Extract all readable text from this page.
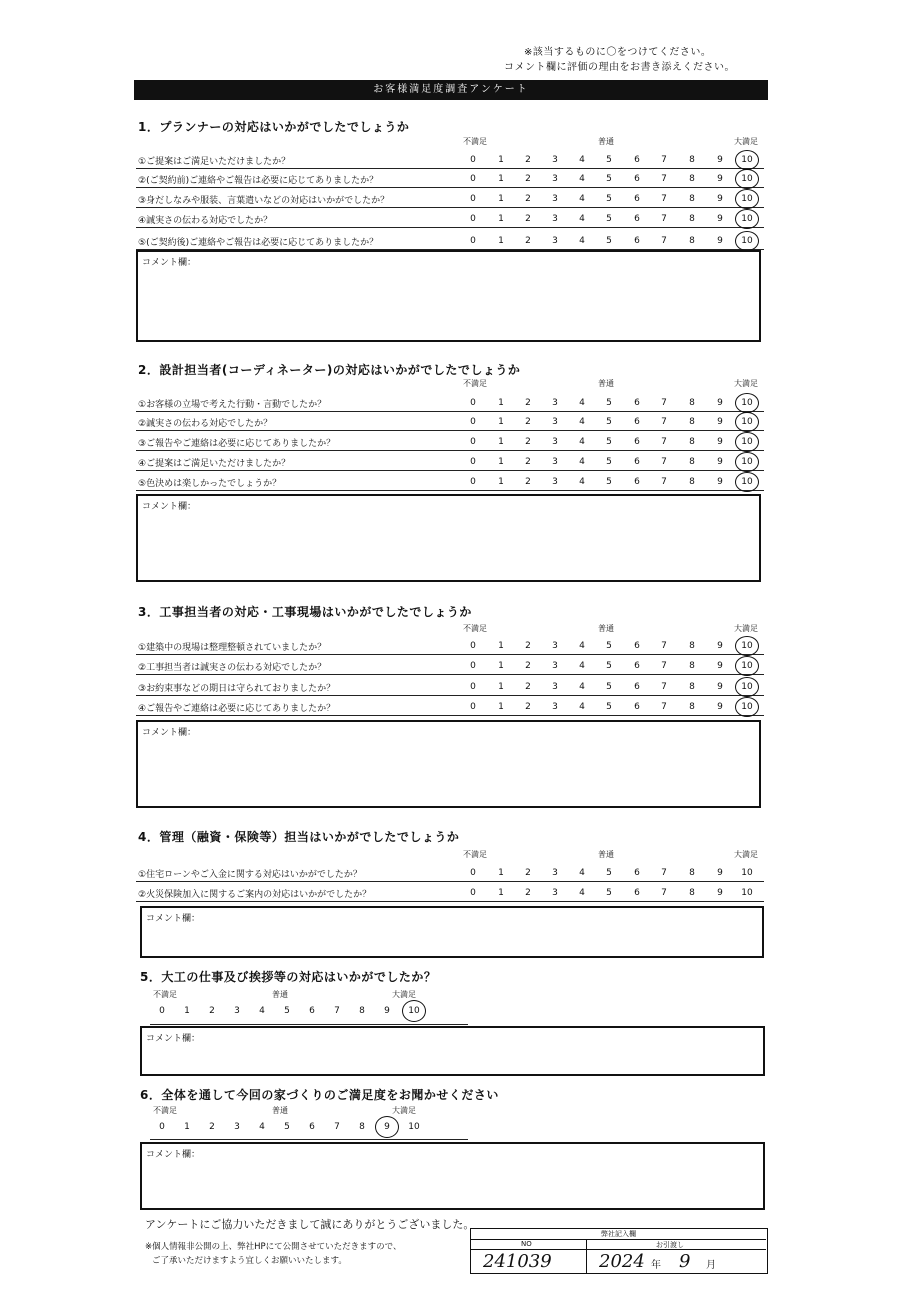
※該当するものに〇をつけてください。
コメント欄に評価の理由をお書き添えください。
お客様満足度調査アンケート
1．プランナーの対応はいかがでしたでしょうか
不満足	普通	大満足
①ご提案はご満足いただけましたか？	0	1	2	3	4	5	6	7	8	9	10
②(ご契約前)ご連絡やご報告は必要に応じてありましたか？	0	1	2	3	4	5	6	7	8	9	10
③身だしなみや服装、言葉遣いなどの対応はいかがでしたか？	0	1	2	3	4	5	6	7	8	9	10
④誠実さの伝わる対応でしたか？	0	1	2	3	4	5	6	7	8	9	10
⑤(ご契約後)ご連絡やご報告は必要に応じてありましたか？	0	1	2	3	4	5	6	7	8	9	10
コメント欄：
2．設計担当者(コーディネーター)の対応はいかがでしたでしょうか
不満足	普通	大満足
①お客様の立場で考えた行動・言動でしたか？	0	1	2	3	4	5	6	7	8	9	10
②誠実さの伝わる対応でしたか？	0	1	2	3	4	5	6	7	8	9	10
③ご報告やご連絡は必要に応じてありましたか？	0	1	2	3	4	5	6	7	8	9	10
④ご提案はご満足いただけましたか？	0	1	2	3	4	5	6	7	8	9	10
⑤色決めは楽しかったでしょうか？	0	1	2	3	4	5	6	7	8	9	10
コメント欄：
3．工事担当者の対応・工事現場はいかがでしたでしょうか
不満足	普通	大満足
①建築中の現場は整理整頓されていましたか？	0	1	2	3	4	5	6	7	8	9	10
②工事担当者は誠実さの伝わる対応でしたか？	0	1	2	3	4	5	6	7	8	9	10
③お約束事などの期日は守られておりましたか？	0	1	2	3	4	5	6	7	8	9	10
④ご報告やご連絡は必要に応じてありましたか？	0	1	2	3	4	5	6	7	8	9	10
コメント欄：
4．管理（融資・保険等）担当はいかがでしたでしょうか
不満足	普通	大満足
①住宅ローンやご入金に関する対応はいかがでしたか？	0	1	2	3	4	5	6	7	8	9	10
②火災保険加入に関するご案内の対応はいかがでしたか？	0	1	2	3	4	5	6	7	8	9	10
コメント欄：
5．大工の仕事及び挨拶等の対応はいかがでしたか？
不満足	普通	大満足
0	1	2	3	4	5	6	7	8	9	10
コメント欄：
6．全体を通して今回の家づくりのご満足度をお聞かせください
不満足	普通	大満足
0	1	2	3	4	5	6	7	8	9	10
コメント欄：
アンケートにご協力いただきまして誠にありがとうございました。
※個人情報非公開の上、弊社HPにて公開させていただきますので、
ご了承いただけますよう宜しくお願いいたします。
弊社記入欄
NO	お引渡し
241039	2024 年 9 月
